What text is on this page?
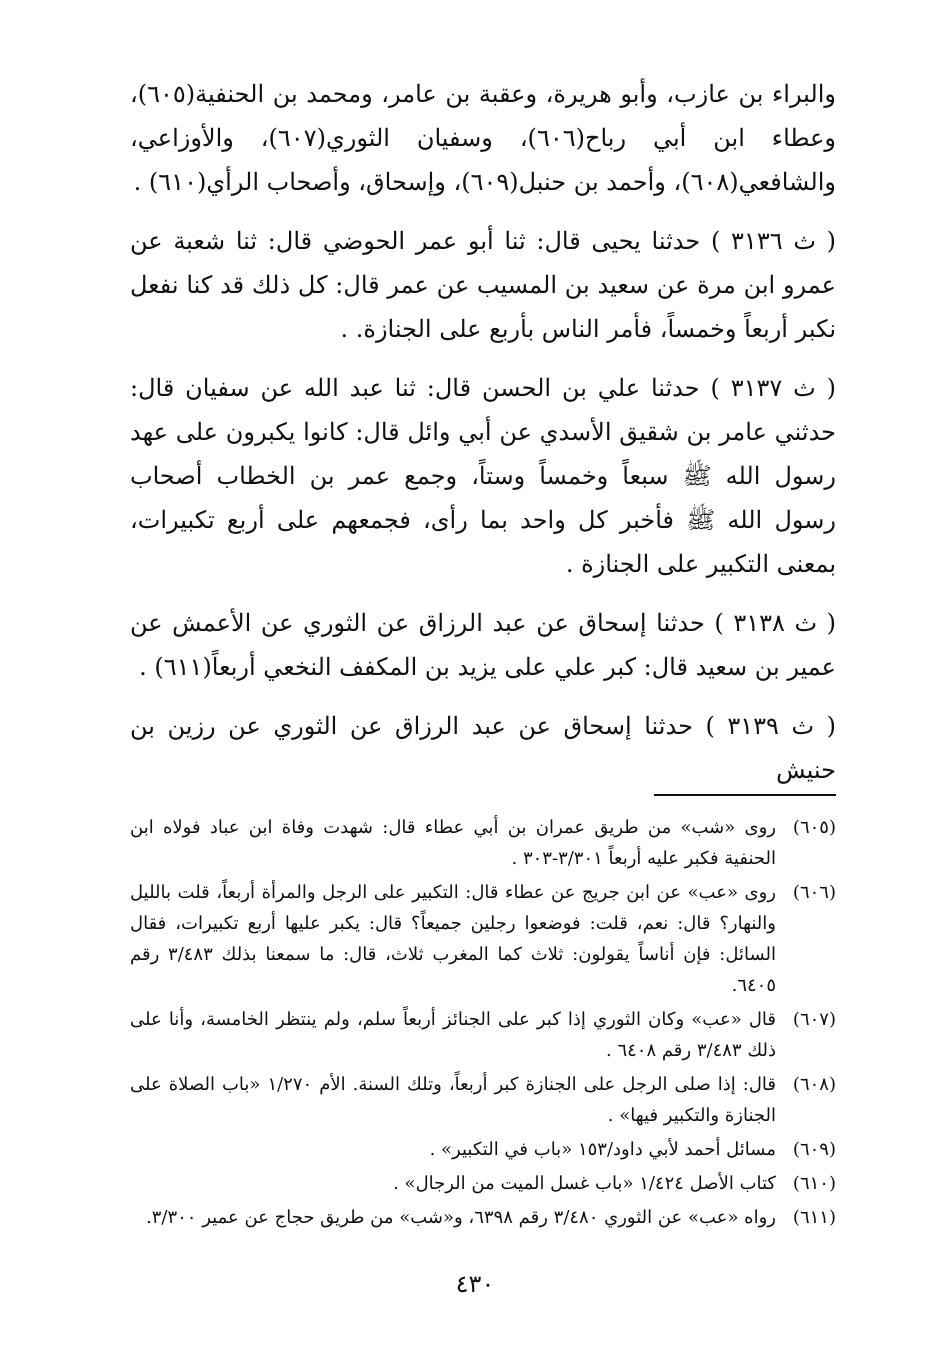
والبراء بن عازب، وأبو هريرة، وعقبة بن عامر، ومحمد بن الحنفية(٦٠٥)، وعطاء ابن أبي رباح(٦٠٦)، وسفيان الثوري(٦٠٧)، والأوزاعي، والشافعي(٦٠٨)، وأحمد بن حنبل(٦٠٩)، وإسحاق، وأصحاب الرأي(٦١٠) .

( ث ٣١٣٦ ) حدثنا يحيى قال: ثنا أبو عمر الحوضي قال: ثنا شعبة عن عمرو ابن مرة عن سعيد بن المسيب عن عمر قال: كل ذلك قد كنا نفعل نكبر أربعاً وخمساً، فأمر الناس بأربع على الجنازة. .

( ث ٣١٣٧ ) حدثنا علي بن الحسن قال: ثنا عبد الله عن سفيان قال: حدثني عامر بن شقيق الأسدي عن أبي وائل قال: كانوا يكبرون على عهد رسول الله ﷺ سبعاً وخمساً وستاً، وجمع عمر بن الخطاب أصحاب رسول الله ﷺ فأخبر كل واحد بما رأى، فجمعهم على أربع تكبيرات، بمعنى التكبير على الجنازة .

( ث ٣١٣٨ ) حدثنا إسحاق عن عبد الرزاق عن الثوري عن الأعمش عن عمير بن سعيد قال: كبر علي على يزيد بن المكفف النخعي أربعاً(٦١١) .

( ث ٣١٣٩ ) حدثنا إسحاق عن عبد الرزاق عن الثوري عن رزين بن حنيش

(٦٠٥)
روى «شب» من طريق عمران بن أبي عطاء قال: شهدت وفاة ابن عباد فولاه ابن الحنفية فكبر عليه أربعاً ٣/٣٠١-٣٠٣ .
(٦٠٦)
روى «عب» عن ابن جريج عن عطاء قال: التكبير على الرجل والمرأة أربعاً، قلت بالليل والنهار؟ قال: نعم، قلت: فوضعوا رجلين جميعاً؟ قال: يكبر عليها أربع تكبيرات، فقال السائل: فإن أناساً يقولون: ثلاث كما المغرب ثلاث، قال: ما سمعنا بذلك ٣/٤٨٣ رقم ٦٤٠٥.
(٦٠٧)
قال «عب» وكان الثوري إذا كبر على الجنائز أربعاً سلم، ولم ينتظر الخامسة، وأنا على ذلك ٣/٤٨٣ رقم ٦٤٠٨ .
(٦٠٨)
قال: إذا صلى الرجل على الجنازة كبر أربعاً، وتلك السنة. الأم ١/٢٧٠ «باب الصلاة على الجنازة والتكبير فيها» .
(٦٠٩)
مسائل أحمد لأبي داود/١٥٣ «باب في التكبير» .
(٦١٠)
كتاب الأصل ١/٤٢٤ «باب غسل الميت من الرجال» .
(٦١١)
رواه «عب» عن الثوري ٣/٤٨٠ رقم ٦٣٩٨، و«شب» من طريق حجاج عن عمير ٣/٣٠٠.
٤٣٠
